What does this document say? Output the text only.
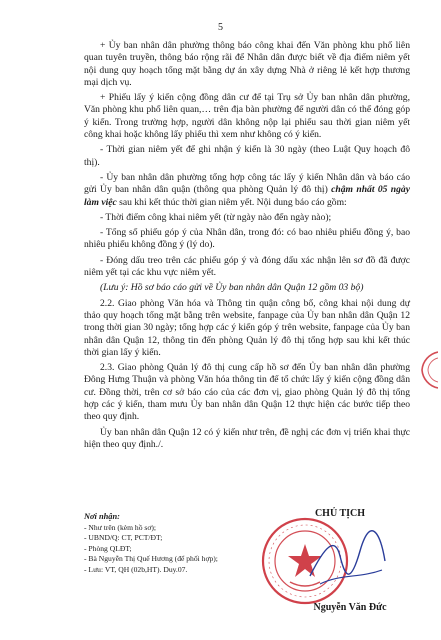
5

+ Ủy ban nhân dân phường thông báo công khai đến Văn phòng khu phố liên quan tuyên truyền, thông báo rộng rãi để Nhân dân được biết về địa điểm niêm yết nội dung quy hoạch tổng mặt bằng dự án xây dựng Nhà ở riêng lẻ kết hợp thương mại dịch vụ.

+ Phiếu lấy ý kiến cộng đồng dân cư để tại Trụ sở Ủy ban nhân dân phường, Văn phòng khu phố liên quan,… trên địa bàn phường để người dân có thể đóng góp ý kiến. Trong trường hợp, người dân không nộp lại phiếu sau thời gian niêm yết công khai hoặc không lấy phiếu thì xem như không có ý kiến.

- Thời gian niêm yết để ghi nhận ý kiến là 30 ngày (theo Luật Quy hoạch đô thị).

- Ủy ban nhân dân phường tổng hợp công tác lấy ý kiến Nhân dân và báo cáo gửi Ủy ban nhân dân quận (thông qua phòng Quản lý đô thị) chậm nhất 05 ngày làm việc sau khi kết thúc thời gian niêm yết. Nội dung báo cáo gồm:

- Thời điểm công khai niêm yết (từ ngày nào đến ngày nào);

- Tổng số phiếu góp ý của Nhân dân, trong đó: có bao nhiêu phiếu đồng ý, bao nhiêu phiếu không đồng ý (lý do).

- Đóng dấu treo trên các phiếu góp ý và đóng dấu xác nhận lên sơ đồ đã được niêm yết tại các khu vực niêm yết.

(Lưu ý: Hồ sơ báo cáo gửi về Ủy ban nhân dân Quận 12 gồm 03 bộ)

2.2. Giao phòng Văn hóa và Thông tin quận công bố, công khai nội dung dự thảo quy hoạch tổng mặt bằng trên website, fanpage của Ủy ban nhân dân Quận 12 trong thời gian 30 ngày; tổng hợp các ý kiến góp ý trên website, fanpage của Ủy ban nhân dân Quận 12, thông tin đến phòng Quản lý đô thị tổng hợp sau khi kết thúc thời gian lấy ý kiến.

2.3. Giao phòng Quản lý đô thị cung cấp hồ sơ đến Ủy ban nhân dân phường Đông Hưng Thuận và phòng Văn hóa thông tin để tổ chức lấy ý kiến cộng đồng dân cư. Đồng thời, trên cơ sở báo cáo của các đơn vị, giao phòng Quản lý đô thị tổng hợp các ý kiến, tham mưu Ủy ban nhân dân Quận 12 thực hiện các bước tiếp theo theo quy định.

Ủy ban nhân dân Quận 12 có ý kiến như trên, đề nghị các đơn vị triển khai thực hiện theo quy định./.

Nơi nhận:
- Như trên (kèm hồ sơ);
- UBND/Q: CT, PCT/ĐT;
- Phòng QLĐT;
- Bà Nguyễn Thị Quế Hương (để phối hợp);
- Lưu: VT, QH (02b,HT). Duy.07.
CHỦ TỊCH
Nguyễn Văn Đức
